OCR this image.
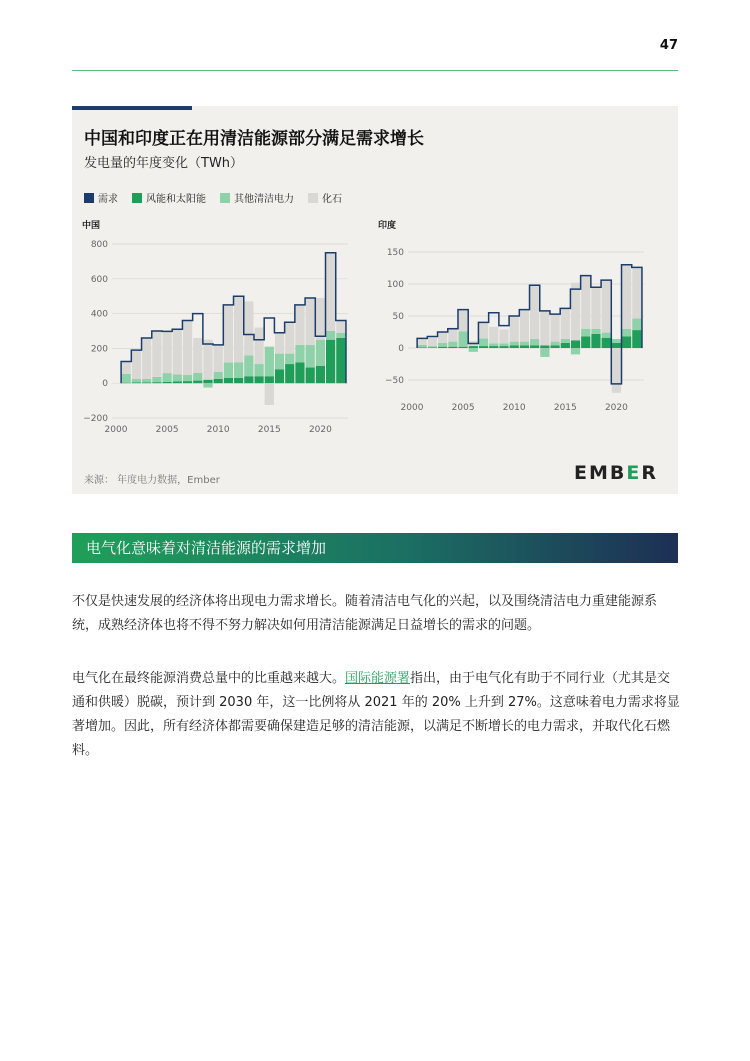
47
中国和印度正在用清洁能源部分满足需求增长
发电量的年度变化（TWh）
需求	风能和太阳能	其他清洁电力	化石
中国
−200
0
200
400
600
800
2000	2005	2010	2015	2020
印度
−50
0
50
100
150
2000	2005	2010	2015	2020
来源： 年度电力数据，Ember	EMBER
电气化意味着对清洁能源的需求增加
不仅是快速发展的经济体将出现电力需求增长。随着清洁电气化的兴起，以及围绕清洁电力重建能源系统，成熟经济体也将不得不努力解决如何用清洁能源满足日益增长的需求的问题。
电气化在最终能源消费总量中的比重越来越大。国际能源署指出，由于电气化有助于不同行业（尤其是交通和供暖）脱碳，预计到 2030 年，这一比例将从 2021 年的 20% 上升到 27%。这意味着电力需求将显著增加。因此，所有经济体都需要确保建造足够的清洁能源，以满足不断增长的电力需求，并取代化石燃料。
